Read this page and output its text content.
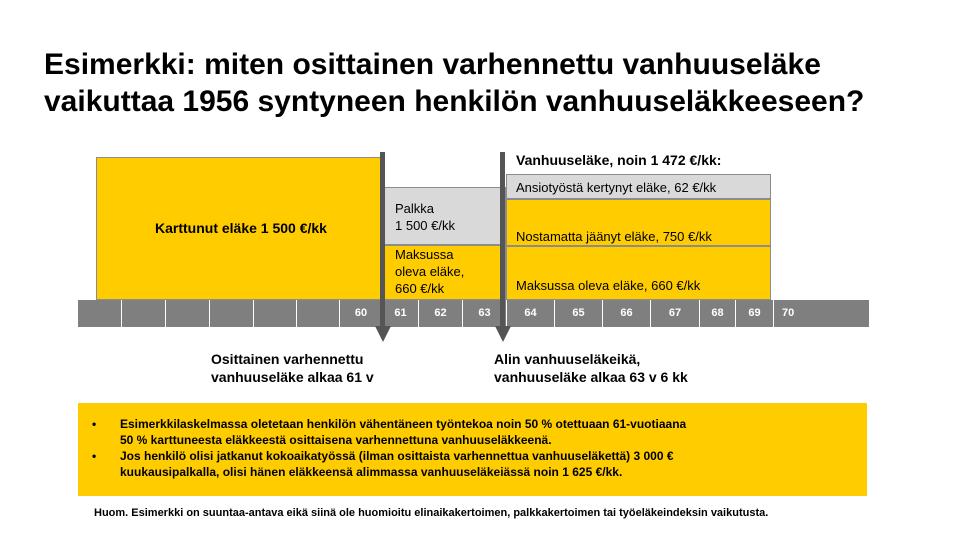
Esimerkki: miten osittainen varhennettu vanhuuseläke vaikuttaa 1956 syntyneen henkilön vanhuuseläkkeeseen?
Karttunut eläke 1 500 €/kk
Palkka
1 500 €/kk
Maksussa
oleva eläke,
660 €/kk
Vanhuuseläke, noin 1 472 €/kk:
Ansiotyöstä kertynyt eläke, 62 €/kk
Nostamatta jäänyt eläke, 750 €/kk
Maksussa oleva eläke, 660 €/kk
60	61	62	63	64	65	66	67	68	69	70
Osittainen varhennettu
vanhuuseläke alkaa 61 v
Alin vanhuuseläkeikä,
vanhuuseläke alkaa 63 v 6 kk
• Esimerkkilaskelmassa oletetaan henkilön vähentäneen työntekoa noin 50 % otettuaan 61-vuotiaana
50 % karttuneesta eläkkeestä osittaisena varhennettuna vanhuuseläkkeenä.
• Jos henkilö olisi jatkanut kokoaikatyössä (ilman osittaista varhennettua vanhuuseläkettä) 3 000 €
kuukausipalkalla, olisi hänen eläkkeensä alimmassa vanhuuseläkeiässä noin 1 625 €/kk.
Huom. Esimerkki on suuntaa-antava eikä siinä ole huomioitu elinaikakertoimen, palkkakertoimen tai työeläkeindeksin vaikutusta.
